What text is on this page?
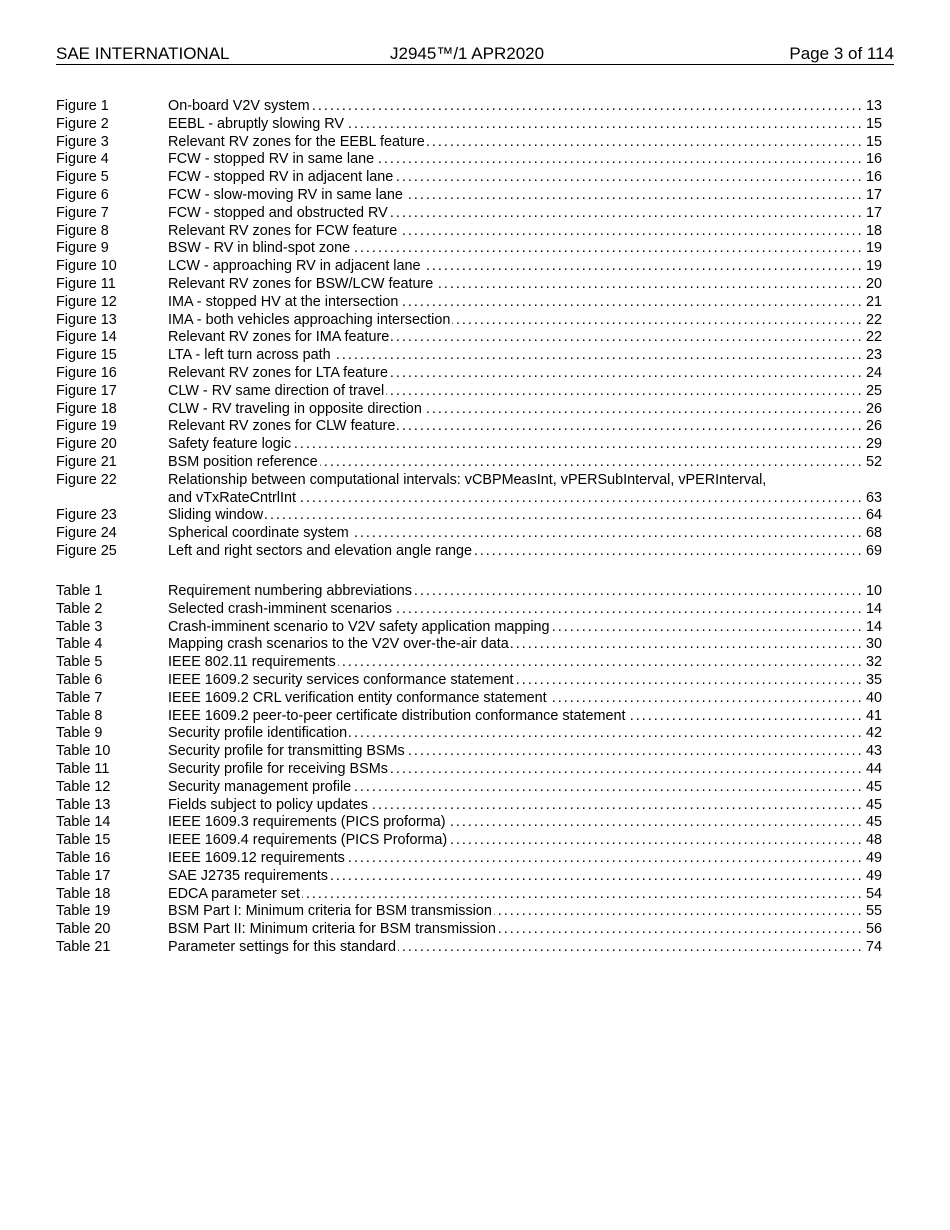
SAE INTERNATIONAL	J2945™/1 APR2020	Page 3 of 114
Figure 1 . . .	On-board V2V system	13
Figure 2 . . .	EEBL - abruptly slowing RV	15
Figure 3 . . .	Relevant RV zones for the EEBL feature	15
Figure 4 . . .	FCW - stopped RV in same lane	16
Figure 5 . . .	FCW - stopped RV in adjacent lane	16
Figure 6 . . .	FCW - slow-moving RV in same lane	17
Figure 7 . . .	FCW - stopped and obstructed RV	17
Figure 8 . . .	Relevant RV zones for FCW feature	18
Figure 9 . . .	BSW - RV in blind-spot zone	19
Figure 10 . . .	LCW - approaching RV in adjacent lane	19
Figure 11 . . .	Relevant RV zones for BSW/LCW feature	20
Figure 12 . . .	IMA - stopped HV at the intersection	21
Figure 13 . . .	IMA - both vehicles approaching intersection	22
Figure 14 . . .	Relevant RV zones for IMA feature	22
Figure 15 . . .	LTA - left turn across path	23
Figure 16 . . .	Relevant RV zones for LTA feature	24
Figure 17 . . .	CLW - RV same direction of travel	25
Figure 18 . . .	CLW - RV traveling in opposite direction	26
Figure 19 . . .	Relevant RV zones for CLW feature	26
Figure 20 . . .	Safety feature logic	29
Figure 21 . . .	BSM position reference	52
Figure 22	Relationship between computational intervals: vCBPMeasInt, vPERSubInterval, vPERInterval,
. . .
and vTxRateCntrlInt	63
Figure 23 . . .	Sliding window	64
Figure 24 . . .	Spherical coordinate system	68
Figure 25 . . .	Left and right sectors and elevation angle range	69
Table 1 . . .	Requirement numbering abbreviations	10
Table 2 . . .	Selected crash-imminent scenarios	14
Table 3 . . .	Crash-imminent scenario to V2V safety application mapping	14
Table 4 . . .	Mapping crash scenarios to the V2V over-the-air data	30
Table 5 . . .	IEEE 802.11 requirements	32
Table 6 . . .	IEEE 1609.2 security services conformance statement	35
Table 7 . . .	IEEE 1609.2 CRL verification entity conformance statement	40
Table 8 . . .	IEEE 1609.2 peer-to-peer certificate distribution conformance statement	41
Table 9 . . .	Security profile identification	42
Table 10 . . .	Security profile for transmitting BSMs	43
Table 11 . . .	Security profile for receiving BSMs	44
Table 12 . . .	Security management profile	45
Table 13 . . .	Fields subject to policy updates	45
Table 14 . . .	IEEE 1609.3 requirements (PICS proforma)	45
Table 15 . . .	IEEE 1609.4 requirements (PICS Proforma)	48
Table 16 . . .	IEEE 1609.12 requirements	49
Table 17 . . .	SAE J2735 requirements	49
Table 18 . . .	EDCA parameter set	54
Table 19 . . .	BSM Part I: Minimum criteria for BSM transmission	55
Table 20 . . .	BSM Part II: Minimum criteria for BSM transmission	56
Table 21 . . .	Parameter settings for this standard	74
